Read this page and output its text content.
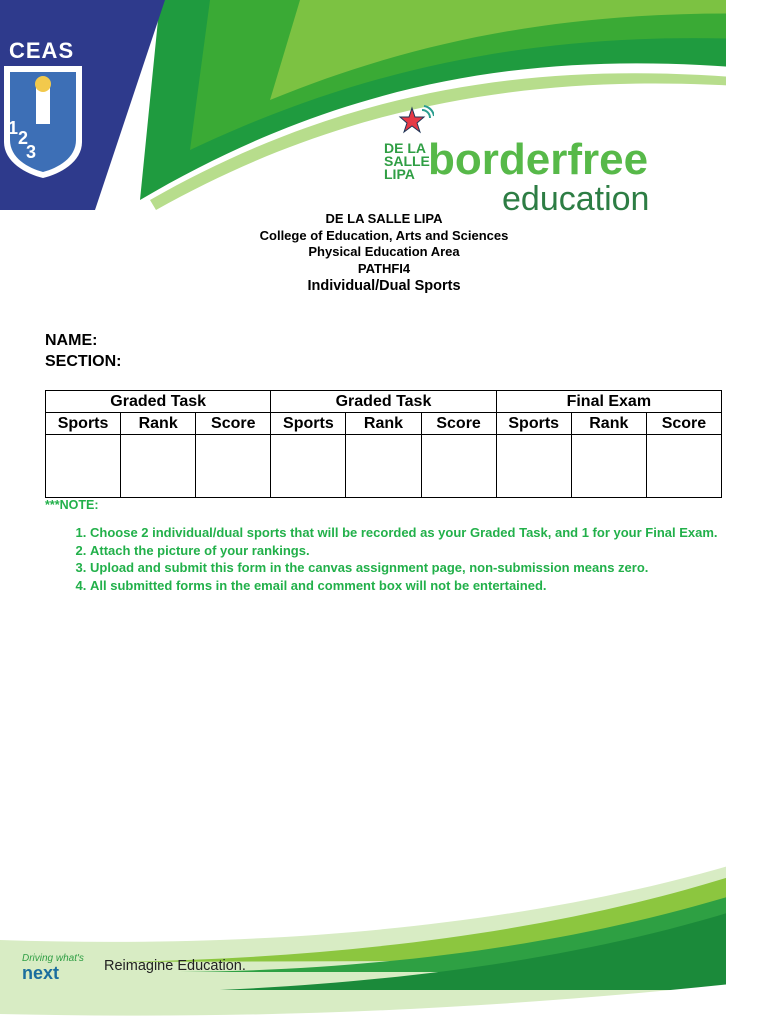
CEAS
1 2
3	DE LA
SALLE
LIPA borderfree
education
DE LA SALLE LIPA
College of Education, Arts and Sciences
Physical Education Area
PATHFI4
Individual/Dual Sports
NAME:
SECTION:
Graded Task			Graded Task			Final Exam		
Sports	Rank	Score	Sports	Rank	Score	Sports	Rank	Score

***NOTE:
1. Choose 2 individual/dual sports that will be recorded as your Graded Task, and 1 for your Final Exam.
2. Attach the picture of your rankings.
3. Upload and submit this form in the canvas assignment page, non-submission means zero.
4. All submitted forms in the email and comment box will not be entertained.
Driving what's
next	Reimagine Education.
